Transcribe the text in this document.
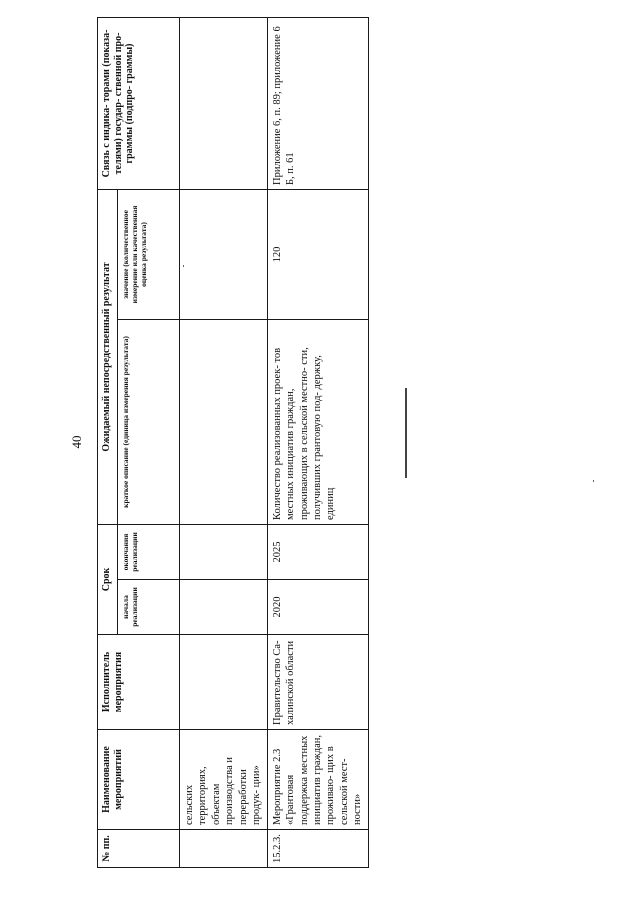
40
№ пп.	Наименование мероприятий	Исполнитель мероприятия	Срок		Ожидаемый непосредственный результат		Связь с индика- торами (показа- телями) государ- ственной про- граммы (подпро- граммы)
			начала реализации	окончания реализации	краткое описание (единица измерения результата)	значение (количественное измерение или качественная оценка результата)	
	сельских территориях, объектам производства и переработки продук- ции»						
15.2.3.	Мероприятие 2.3 «Грантовая поддержка местных инициатив граждан, проживаю- щих в сельской мест- ности»	Правительство Са- халинской области	2020	2025	Количество реализованных проек- тов местных инициатив граждан, проживающих в сельской местно- сти, получивших грантовую под- держку, единиц	120	Приложение 6, п. 89; приложение 6 Б, п. 61
